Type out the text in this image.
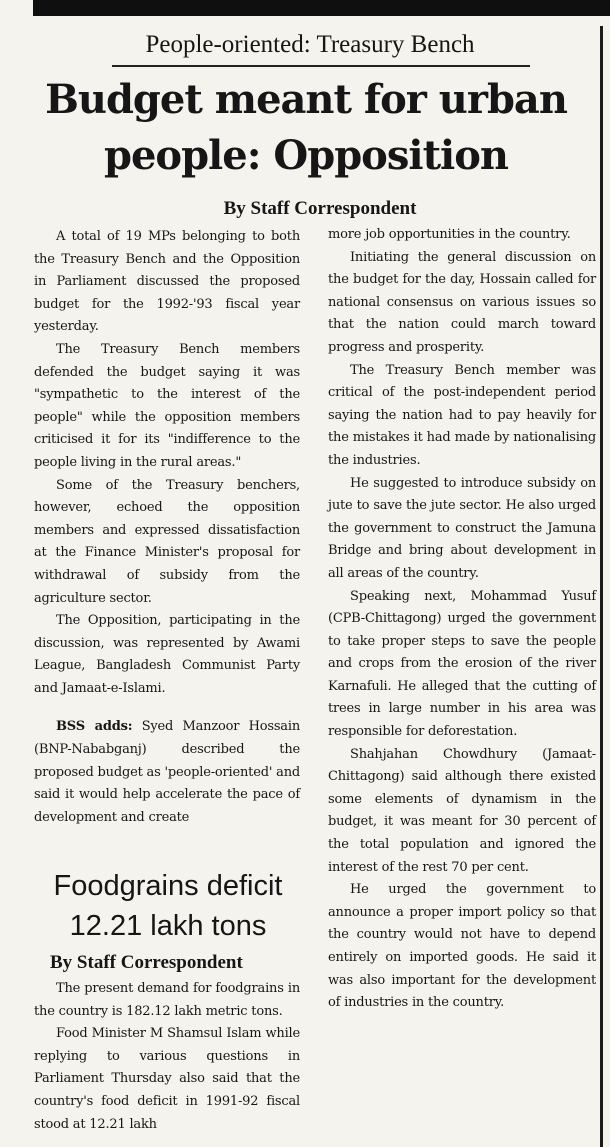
People-oriented: Treasury Bench
Budget meant for urban people: Opposition
By Staff Correspondent

A total of 19 MPs belonging to both the Treasury Bench and the Opposition in Parliament discussed the proposed budget for the 1992-'93 fiscal year yesterday.

The Treasury Bench members defended the budget saying it was "sympathetic to the interest of the people" while the opposition members criticised it for its "indifference to the people living in the rural areas."

Some of the Treasury benchers, however, echoed the opposition members and expressed dissatisfaction at the Finance Minister's proposal for withdrawal of subsidy from the agriculture sector.

The Opposition, participating in the discussion, was represented by Awami League, Bangladesh Communist Party and Jamaat-e-Islami.

BSS adds: Syed Manzoor Hossain (BNP-Nababganj) described the proposed budget as 'people-oriented' and said it would help accelerate the pace of development and create

more job opportunities in the country.

Initiating the general discussion on the budget for the day, Hossain called for national consensus on various issues so that the nation could march toward progress and prosperity.

The Treasury Bench member was critical of the post-independent period saying the nation had to pay heavily for the mistakes it had made by nationalising the industries.

He suggested to introduce subsidy on jute to save the jute sector. He also urged the government to construct the Jamuna Bridge and bring about development in all areas of the country.

Speaking next, Mohammad Yusuf (CPB-Chittagong) urged the government to take proper steps to save the people and crops from the erosion of the river Karnafuli. He alleged that the cutting of trees in large number in his area was responsible for deforestation.

Shahjahan Chowdhury (Jamaat-Chittagong) said although there existed some elements of dynamism in the budget, it was meant for 30 percent of the total population and ignored the interest of the rest 70 per cent.

He urged the government to announce a proper import policy so that the country would not have to depend entirely on imported goods. He said it was also important for the development of industries in the country.

Foodgrains deficit 12.21 lakh tons
By Staff Correspondent

The present demand for foodgrains in the country is 182.12 lakh metric tons.

Food Minister M Shamsul Islam while replying to various questions in Parliament Thursday also said that the country's food deficit in 1991-92 fiscal stood at 12.21 lakh
